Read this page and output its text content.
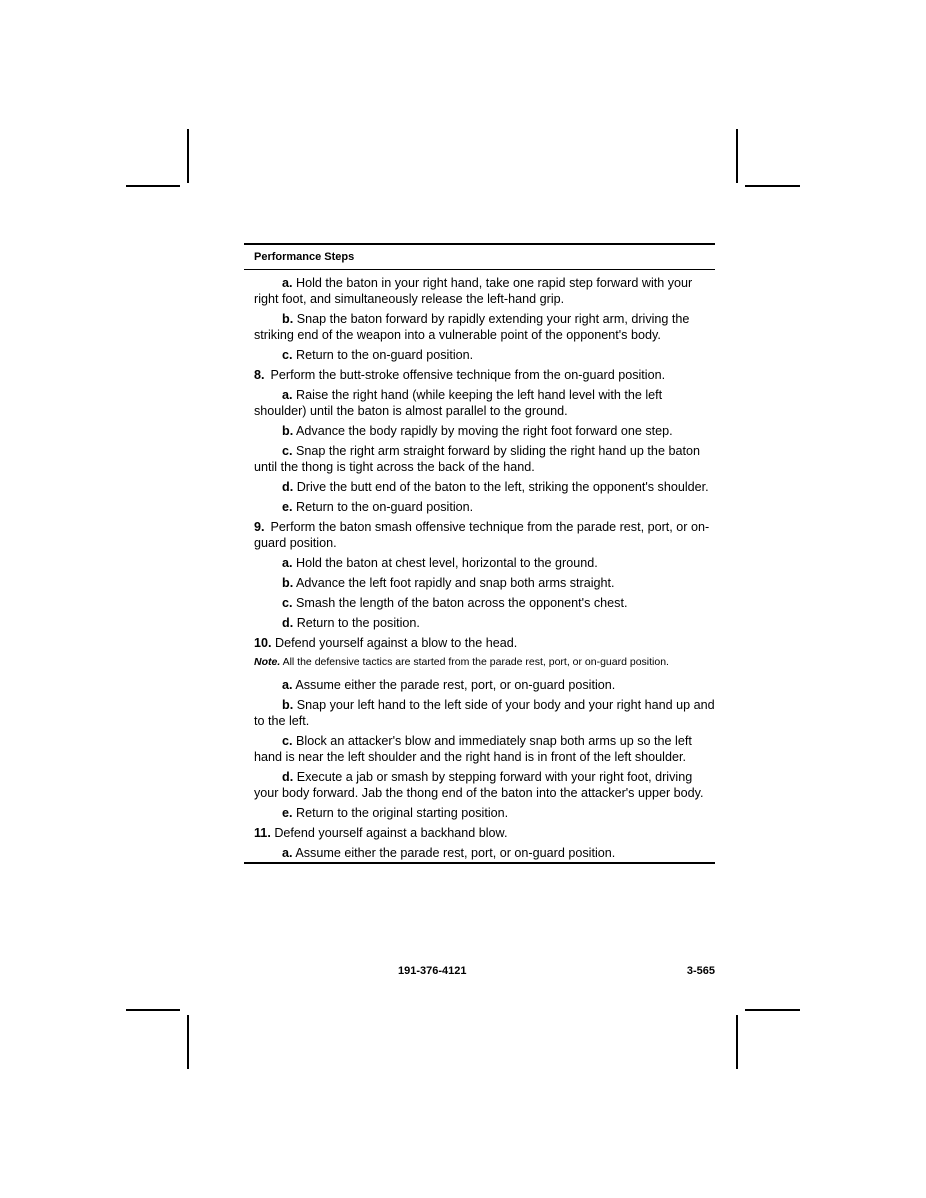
Performance Steps

a. Hold the baton in your right hand, take one rapid step forward with your right foot, and simultaneously release the left-hand grip.

b. Snap the baton forward by rapidly extending your right arm, driving the striking end of the weapon into a vulnerable point of the opponent's body.

c. Return to the on-guard position.

8. Perform the butt-stroke offensive technique from the on-guard position.

a. Raise the right hand (while keeping the left hand level with the left shoulder) until the baton is almost parallel to the ground.

b. Advance the body rapidly by moving the right foot forward one step.

c. Snap the right arm straight forward by sliding the right hand up the baton until the thong is tight across the back of the hand.

d. Drive the butt end of the baton to the left, striking the opponent's shoulder.

e. Return to the on-guard position.

9. Perform the baton smash offensive technique from the parade rest, port, or on-guard position.

a. Hold the baton at chest level, horizontal to the ground.

b. Advance the left foot rapidly and snap both arms straight.

c. Smash the length of the baton across the opponent's chest.

d. Return to the position.

10. Defend yourself against a blow to the head.

Note. All the defensive tactics are started from the parade rest, port, or on-guard position.

a. Assume either the parade rest, port, or on-guard position.

b. Snap your left hand to the left side of your body and your right hand up and to the left.

c. Block an attacker's blow and immediately snap both arms up so the left hand is near the left shoulder and the right hand is in front of the left shoulder.

d. Execute a jab or smash by stepping forward with your right foot, driving your body forward. Jab the thong end of the baton into the attacker's upper body.

e. Return to the original starting position.

11. Defend yourself against a backhand blow.

a. Assume either the parade rest, port, or on-guard position.

191-376-4121	3-565
